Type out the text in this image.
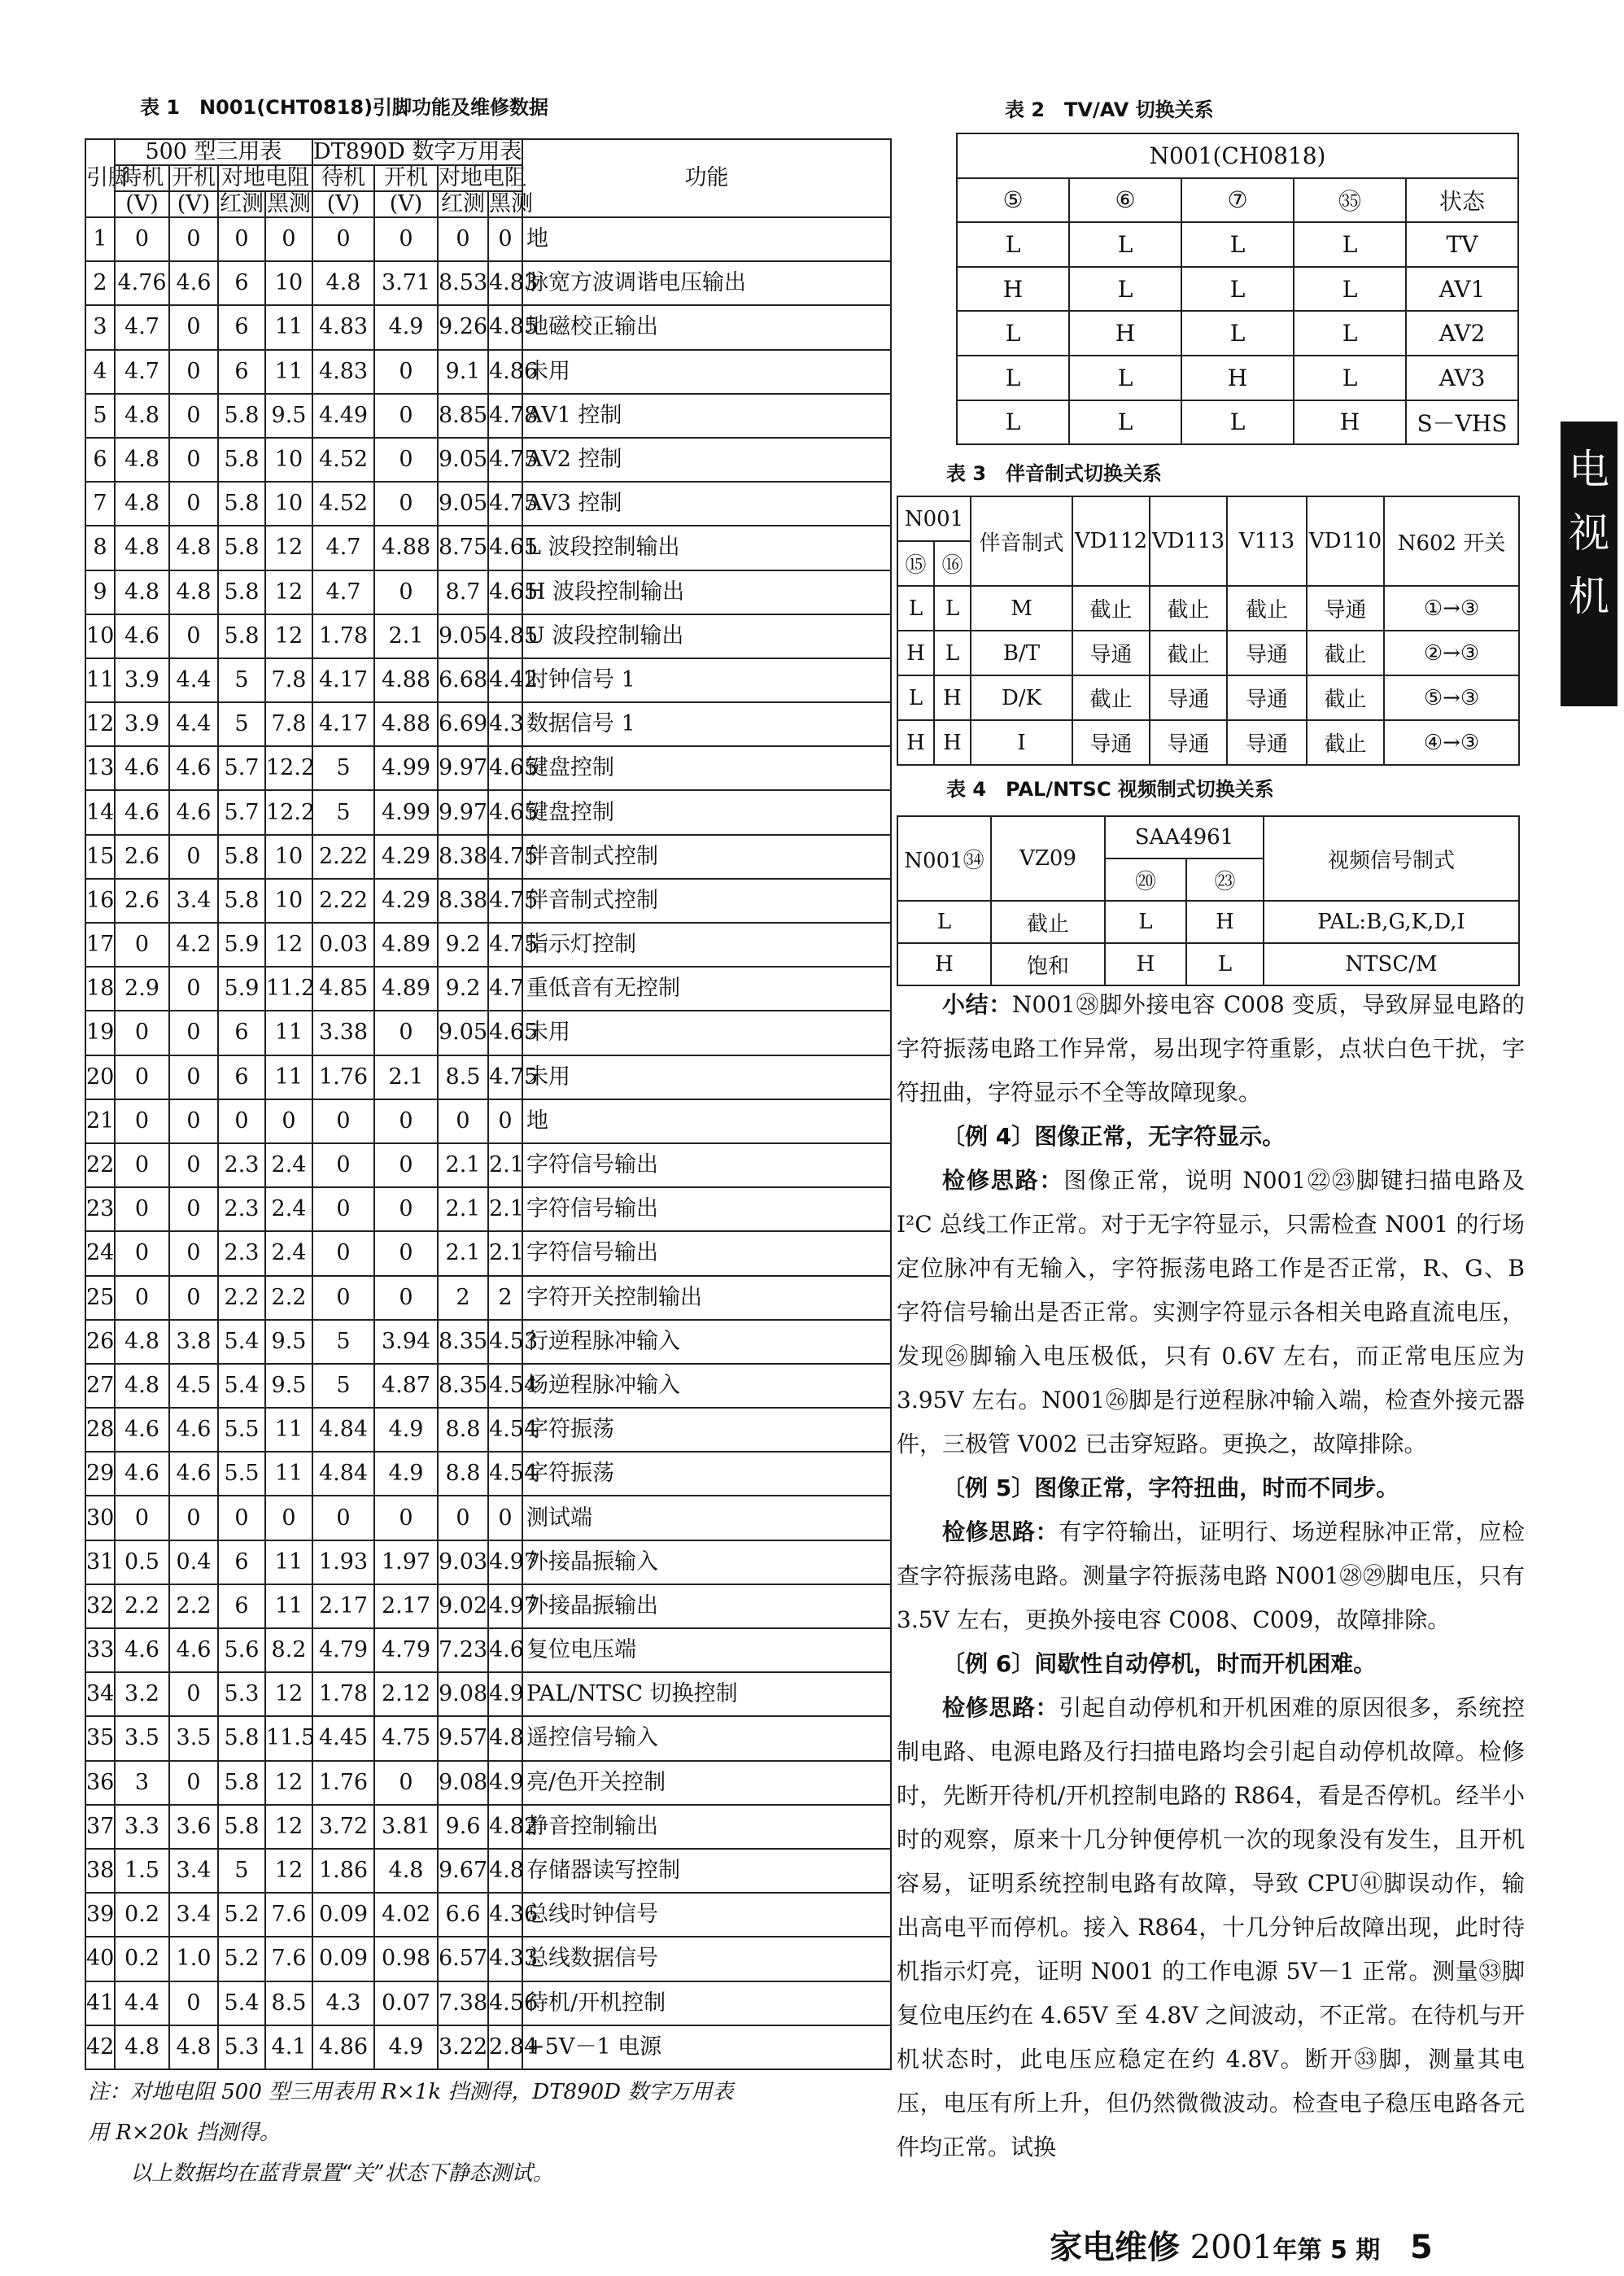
表 1　N001(CHT0818)引脚功能及维修数据
引脚	500 型三用表				DT890D 数字万用表				功能
	待机	开机	对地电阻		待机	开机	对地电阻		
	(V)	(V)	红测	黑测	(V)	(V)	红测	黑测	
1	0	0	0	0	0	0	0	0	地
2	4.76	4.6	6	10	4.8	3.71	8.53	4.83	脉宽方波调谐电压输出
3	4.7	0	6	11	4.83	4.9	9.26	4.85	地磁校正输出
4	4.7	0	6	11	4.83	0	9.1	4.86	未用
5	4.8	0	5.8	9.5	4.49	0	8.85	4.78	AV1 控制
6	4.8	0	5.8	10	4.52	0	9.05	4.75	AV2 控制
7	4.8	0	5.8	10	4.52	0	9.05	4.75	AV3 控制
8	4.8	4.8	5.8	12	4.7	4.88	8.75	4.65	L 波段控制输出
9	4.8	4.8	5.8	12	4.7	0	8.7	4.65	H 波段控制输出
10	4.6	0	5.8	12	1.78	2.1	9.05	4.85	U 波段控制输出
11	3.9	4.4	5	7.8	4.17	4.88	6.68	4.42	时钟信号 1
12	3.9	4.4	5	7.8	4.17	4.88	6.69	4.3	数据信号 1
13	4.6	4.6	5.7	12.2	5	4.99	9.97	4.65	键盘控制
14	4.6	4.6	5.7	12.2	5	4.99	9.97	4.65	键盘控制
15	2.6	0	5.8	10	2.22	4.29	8.38	4.75	伴音制式控制
16	2.6	3.4	5.8	10	2.22	4.29	8.38	4.75	伴音制式控制
17	0	4.2	5.9	12	0.03	4.89	9.2	4.75	指示灯控制
18	2.9	0	5.9	11.2	4.85	4.89	9.2	4.7	重低音有无控制
19	0	0	6	11	3.38	0	9.05	4.65	未用
20	0	0	6	11	1.76	2.1	8.5	4.75	未用
21	0	0	0	0	0	0	0	0	地
22	0	0	2.3	2.4	0	0	2.1	2.1	字符信号输出
23	0	0	2.3	2.4	0	0	2.1	2.1	字符信号输出
24	0	0	2.3	2.4	0	0	2.1	2.1	字符信号输出
25	0	0	2.2	2.2	0	0	2	2	字符开关控制输出
26	4.8	3.8	5.4	9.5	5	3.94	8.35	4.53	行逆程脉冲输入
27	4.8	4.5	5.4	9.5	5	4.87	8.35	4.54	场逆程脉冲输入
28	4.6	4.6	5.5	11	4.84	4.9	8.8	4.54	字符振荡
29	4.6	4.6	5.5	11	4.84	4.9	8.8	4.54	字符振荡
30	0	0	0	0	0	0	0	0	测试端
31	0.5	0.4	6	11	1.93	1.97	9.03	4.97	外接晶振输入
32	2.2	2.2	6	11	2.17	2.17	9.02	4.97	外接晶振输出
33	4.6	4.6	5.6	8.2	4.79	4.79	7.23	4.6	复位电压端
34	3.2	0	5.3	12	1.78	2.12	9.08	4.9	PAL/NTSC 切换控制
35	3.5	3.5	5.8	11.5	4.45	4.75	9.57	4.8	遥控信号输入
36	3	0	5.8	12	1.76	0	9.08	4.9	亮/色开关控制
37	3.3	3.6	5.8	12	3.72	3.81	9.6	4.82	静音控制输出
38	1.5	3.4	5	12	1.86	4.8	9.67	4.8	存储器读写控制
39	0.2	3.4	5.2	7.6	0.09	4.02	6.6	4.36	总线时钟信号
40	0.2	1.0	5.2	7.6	0.09	0.98	6.57	4.33	总线数据信号
41	4.4	0	5.4	8.5	4.3	0.07	7.38	4.56	待机/开机控制
42	4.8	4.8	5.3	4.1	4.86	4.9	3.22	2.84	+5V－1 电源
注：对地电阻 500 型三用表用 R×1k 挡测得，DT890D 数字万用表
用 R×20k 挡测得。
以上数据均在蓝背景置“关”状态下静态测试。
表 2　TV/AV 切换关系
N001(CH0818)				
⑤	⑥	⑦	㉟	状态
L	L	L	L	TV
H	L	L	L	AV1
L	H	L	L	AV2
L	L	H	L	AV3
L	L	L	H	S－VHS
表 3　伴音制式切换关系
N001		伴音制式	VD112	VD113	V113	VD110	N602 开关
⑮	⑯						
L	L	M	截止	截止	截止	导通	①→③
H	L	B/T	导通	截止	导通	截止	②→③
L	H	D/K	截止	导通	导通	截止	⑤→③
H	H	I	导通	导通	导通	截止	④→③
表 4　PAL/NTSC 视频制式切换关系
N001㉞	VZ09	SAA4961		视频信号制式
		⑳	㉓	
L	截止	L	H	PAL:B,G,K,D,I
H	饱和	H	L	NTSC/M

小结：N001㉘脚外接电容 C008 变质，导致屏显电路的字符振荡电路工作异常，易出现字符重影，点状白色干扰，字符扭曲，字符显示不全等故障现象。

〔例 4〕图像正常，无字符显示。

检修思路：图像正常，说明 N001㉒㉓脚键扫描电路及 I²C 总线工作正常。对于无字符显示，只需检查 N001 的行场定位脉冲有无输入，字符振荡电路工作是否正常，R、G、B 字符信号输出是否正常。实测字符显示各相关电路直流电压，发现㉖脚输入电压极低，只有 0.6V 左右，而正常电压应为 3.95V 左右。N001㉖脚是行逆程脉冲输入端，检查外接元器件，三极管 V002 已击穿短路。更换之，故障排除。

〔例 5〕图像正常，字符扭曲，时而不同步。

检修思路：有字符输出，证明行、场逆程脉冲正常，应检查字符振荡电路。测量字符振荡电路 N001㉘㉙脚电压，只有 3.5V 左右，更换外接电容 C008、C009，故障排除。

〔例 6〕间歇性自动停机，时而开机困难。

检修思路：引起自动停机和开机困难的原因很多，系统控制电路、电源电路及行扫描电路均会引起自动停机故障。检修时，先断开待机/开机控制电路的 R864，看是否停机。经半小时的观察，原来十几分钟便停机一次的现象没有发生，且开机容易，证明系统控制电路有故障，导致 CPU㊶脚误动作，输出高电平而停机。接入 R864，十几分钟后故障出现，此时待机指示灯亮，证明 N001 的工作电源 5V－1 正常。测量㉝脚复位电压约在 4.65V 至 4.8V 之间波动，不正常。在待机与开机状态时，此电压应稳定在约 4.8V。断开㉝脚，测量其电压，电压有所上升，但仍然微微波动。检查电子稳压电路各元件均正常。试换

电
视
机
家电维修 2001年第 5 期 5
